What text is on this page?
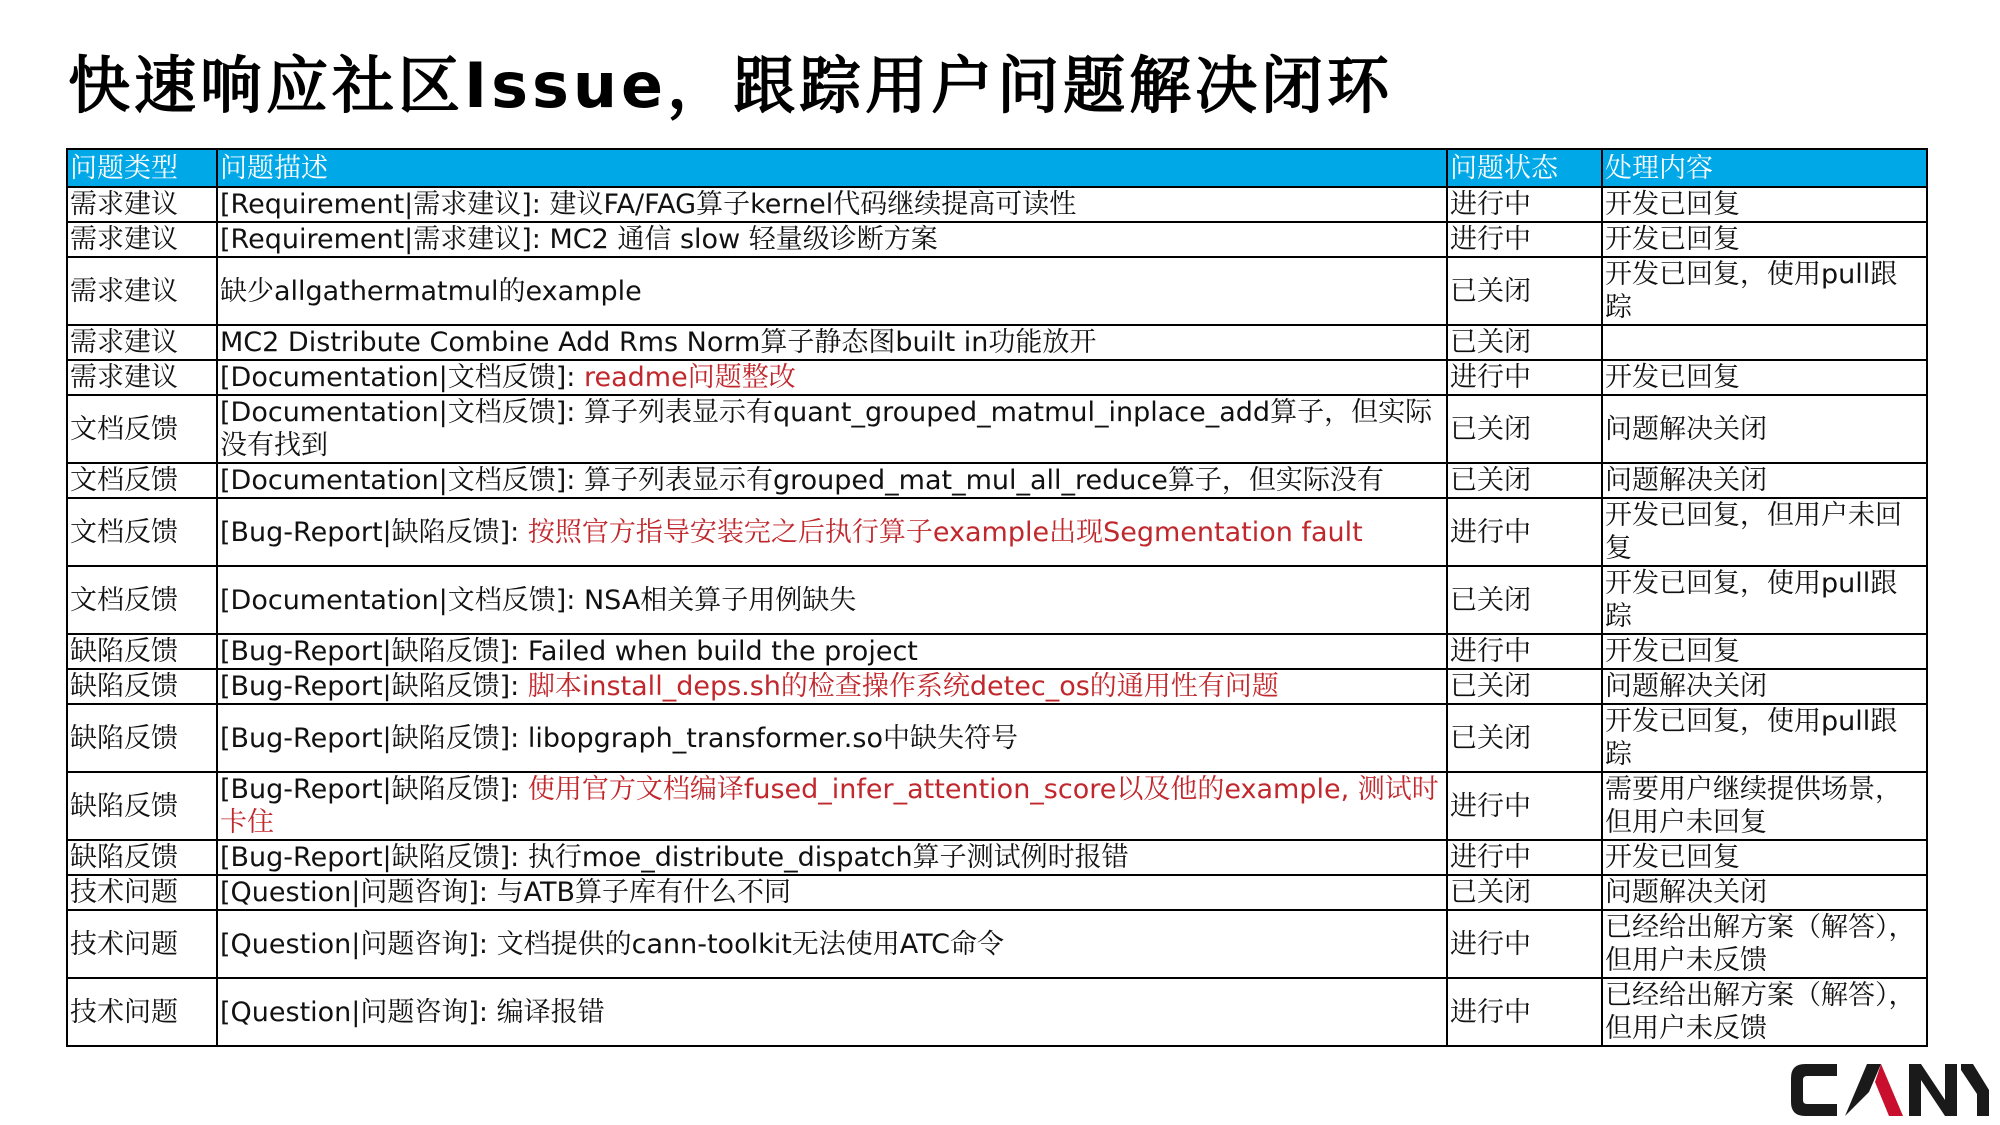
快速响应社区Issue，跟踪用户问题解决闭环
问题类型	问题描述	问题状态	处理内容
需求建议	[Requirement|需求建议]: 建议FA/FAG算子kernel代码继续提高可读性	进行中	开发已回复
需求建议	[Requirement|需求建议]: MC2 通信 slow 轻量级诊断方案	进行中	开发已回复
需求建议	缺少allgathermatmul的example	已关闭	开发已回复，使用pull跟踪
需求建议	MC2 Distribute Combine Add Rms Norm算子静态图built in功能放开	已关闭	
需求建议	[Documentation|文档反馈]: readme问题整改	进行中	开发已回复
文档反馈	[Documentation|文档反馈]: 算子列表显示有quant_grouped_matmul_inplace_add算子，但实际没有找到	已关闭	问题解决关闭
文档反馈	[Documentation|文档反馈]: 算子列表显示有grouped_mat_mul_all_reduce算子，但实际没有	已关闭	问题解决关闭
文档反馈	[Bug-Report|缺陷反馈]: 按照官方指导安装完之后执行算子example出现Segmentation fault	进行中	开发已回复，但用户未回复
文档反馈	[Documentation|文档反馈]: NSA相关算子用例缺失	已关闭	开发已回复，使用pull跟踪
缺陷反馈	[Bug-Report|缺陷反馈]: Failed when build the project	进行中	开发已回复
缺陷反馈	[Bug-Report|缺陷反馈]: 脚本install_deps.sh的检查操作系统detec_os的通用性有问题	已关闭	问题解决关闭
缺陷反馈	[Bug-Report|缺陷反馈]: libopgraph_transformer.so中缺失符号	已关闭	开发已回复，使用pull跟踪
缺陷反馈	[Bug-Report|缺陷反馈]: 使用官方文档编译fused_infer_attention_score以及他的example, 测试时卡住	进行中	需要用户继续提供场景，但用户未回复
缺陷反馈	[Bug-Report|缺陷反馈]: 执行moe_distribute_dispatch算子测试例时报错	进行中	开发已回复
技术问题	[Question|问题咨询]: 与ATB算子库有什么不同	已关闭	问题解决关闭
技术问题	[Question|问题咨询]: 文档提供的cann-toolkit无法使用ATC命令	进行中	已经给出解方案（解答），但用户未反馈
技术问题	[Question|问题咨询]: 编译报错	进行中	已经给出解方案（解答），但用户未反馈
CANN
